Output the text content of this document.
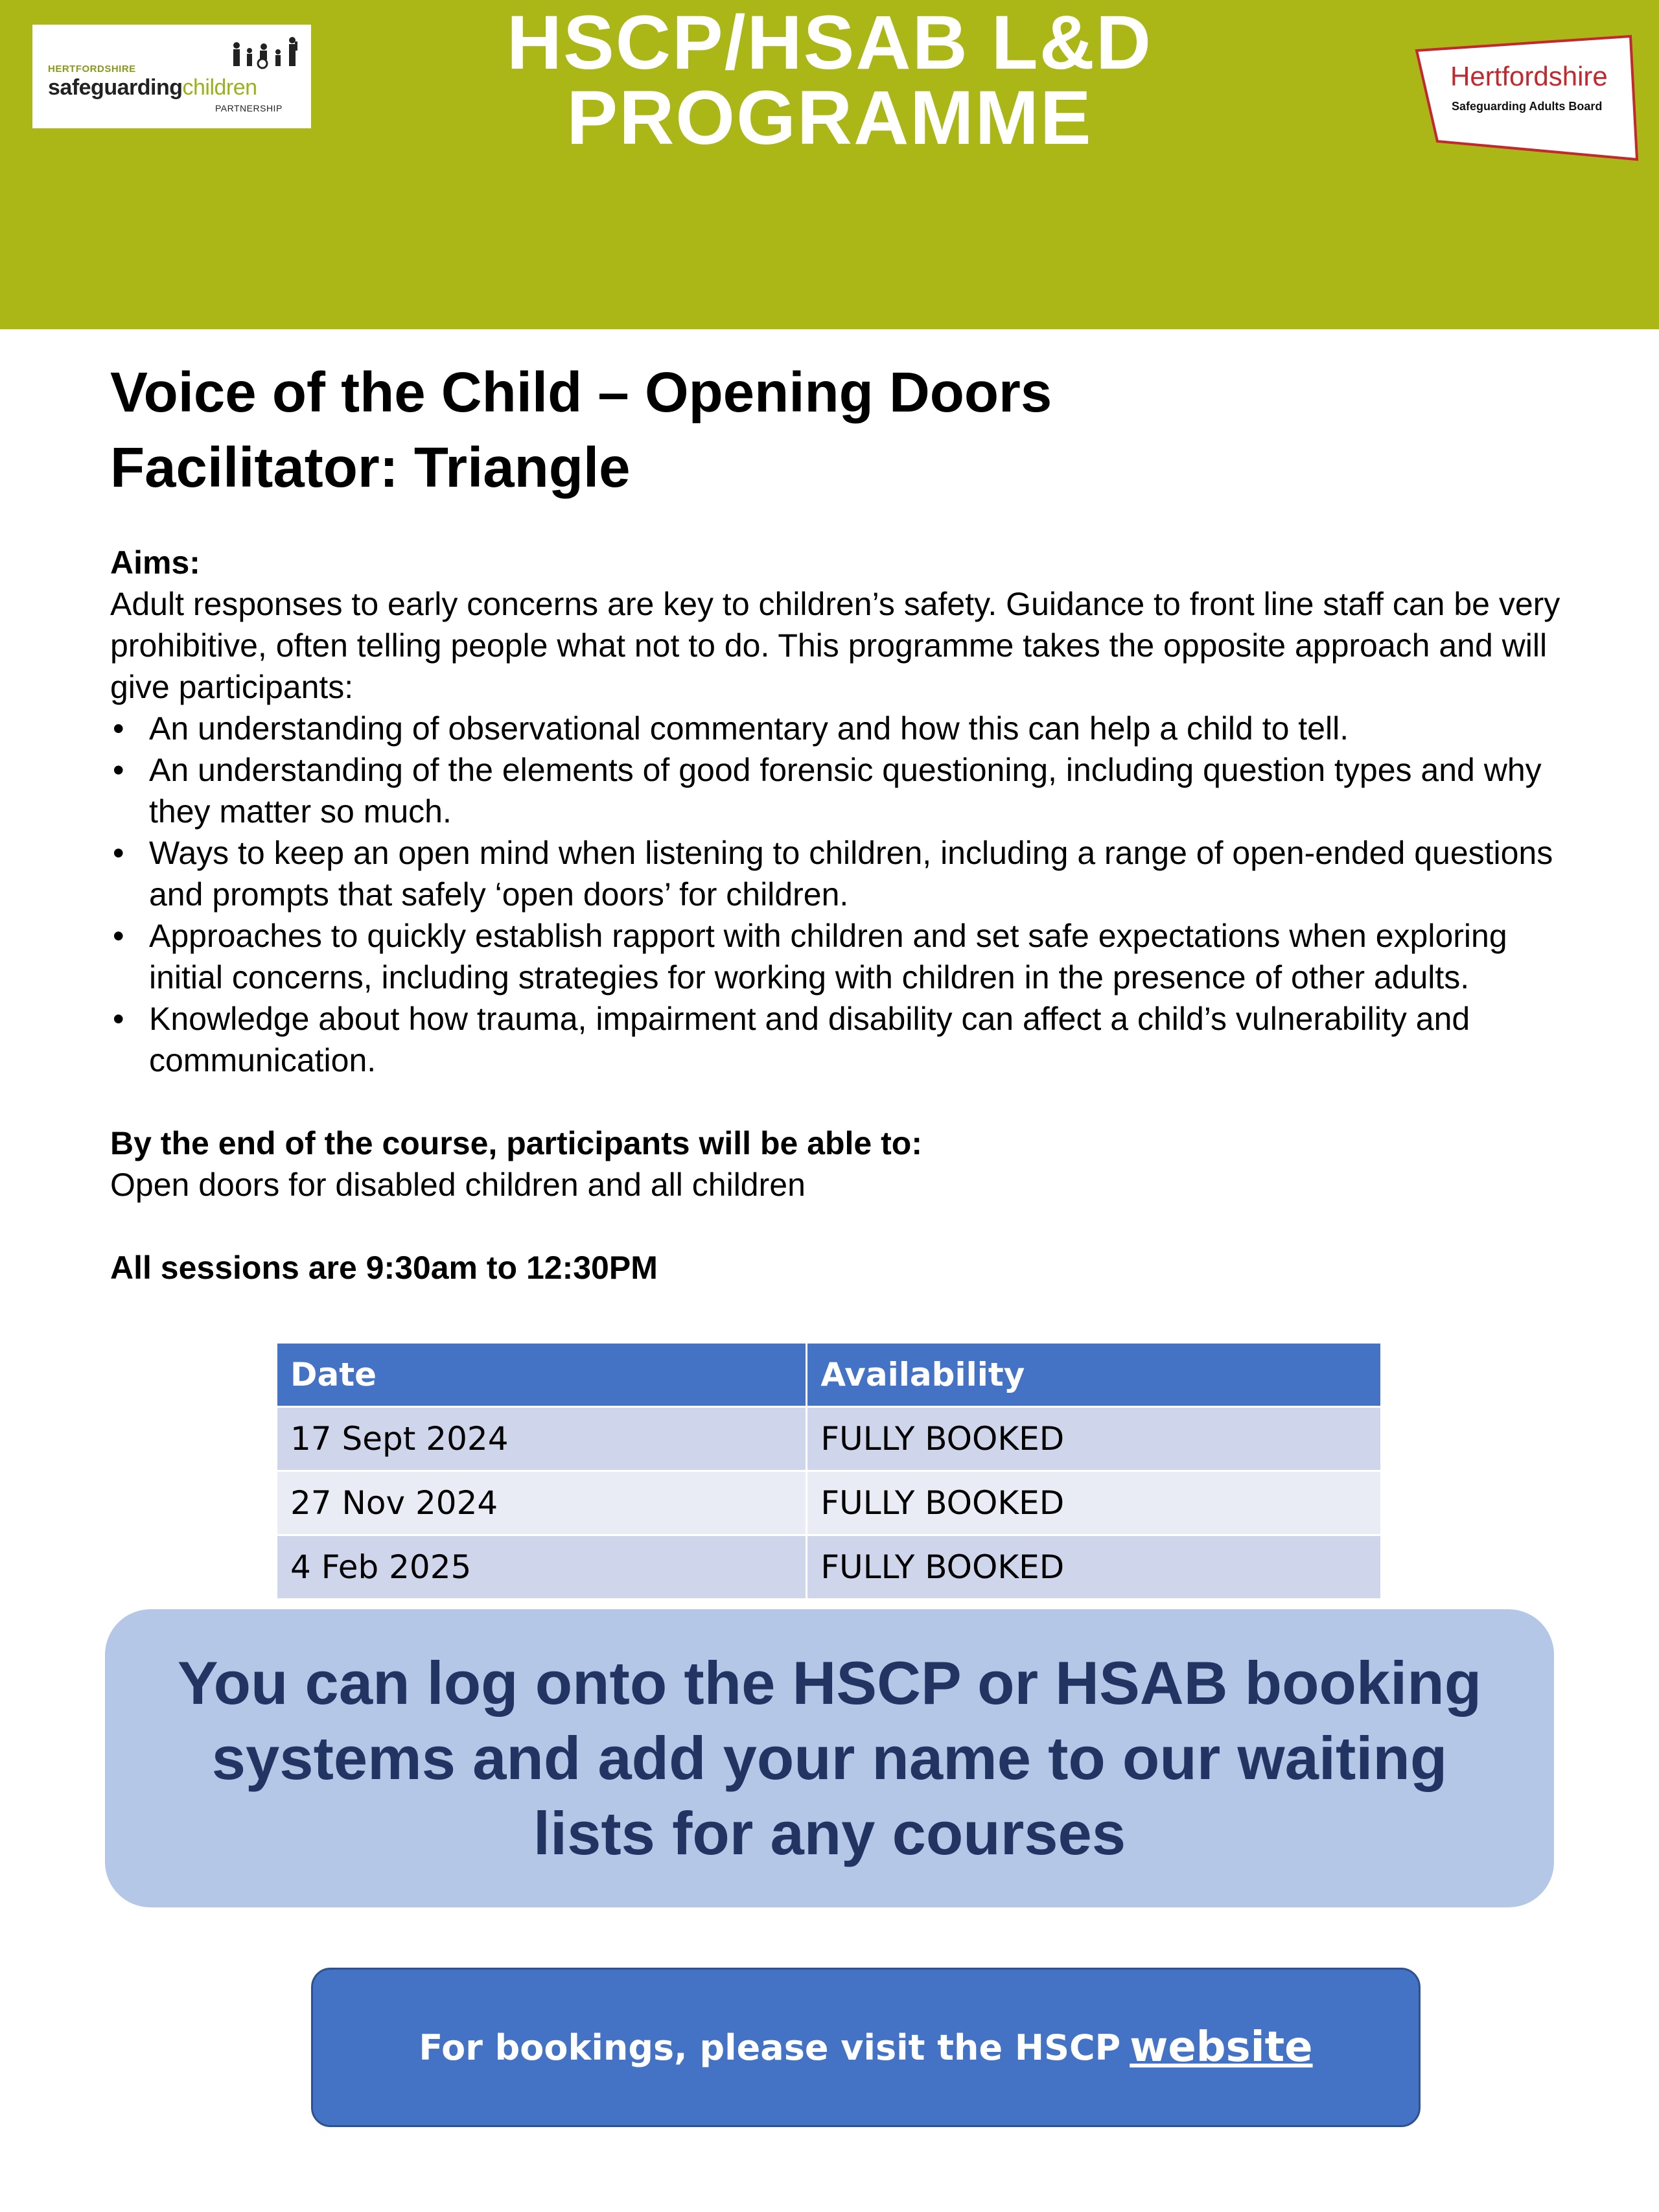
HERTFORDSHIRE
safeguardingchildren
PARTNERSHIP
HSCP/HSAB L&D
PROGRAMME	Hertfordshire
Safeguarding Adults Board
Voice of the Child – Opening Doors
Facilitator: Triangle

Aims:

Adult responses to early concerns are key to children’s safety. Guidance to front line staff can be very prohibitive, often telling people what not to do. This programme takes the opposite approach and will give participants:

• An understanding of observational commentary and how this can help a child to tell.
• An understanding of the elements of good forensic questioning, including question types and why they matter so much.
• Ways to keep an open mind when listening to children, including a range of open-ended questions and prompts that safely ‘open doors’ for children.
• Approaches to quickly establish rapport with children and set safe expectations when exploring initial concerns, including strategies for working with children in the presence of other adults.
• Knowledge about how trauma, impairment and disability can affect a child’s vulnerability and communication.

By the end of the course, participants will be able to:

Open doors for disabled children and all children

All sessions are 9:30am to 12:30PM

Date	Availability
17 Sept 2024	FULLY BOOKED
27 Nov 2024	FULLY BOOKED
4 Feb 2025	FULLY BOOKED
You can log onto the HSCP or HSAB booking systems and add your name to our waiting lists for any courses
For bookings, please visit the HSCP website
